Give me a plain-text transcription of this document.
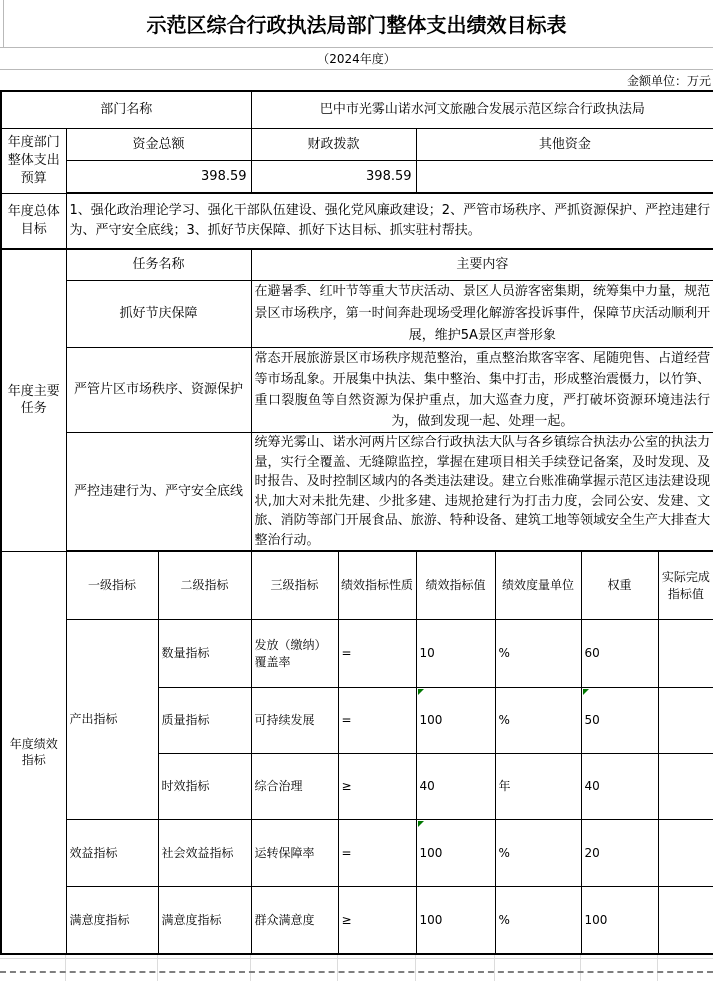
示范区综合行政执法局部门整体支出绩效目标表
（2024年度）
金额单位：万元
部门名称			巴中市光雾山诺水河文旅融合发展示范区综合行政执法局					
年度部门整体支出预算	资金总额		财政拨款		其他资金			
	398.59		398.59					
年度总体目标	1、强化政治理论学习、强化干部队伍建设、强化党风廉政建设；2、严管市场秩序、严抓资源保护、严控违建行为、严守安全底线；3、抓好节庆保障、抓好下达目标、抓实驻村帮扶。							
年度主要任务	任务名称		主要内容					
	抓好节庆保障		在避暑季、红叶节等重大节庆活动、景区人员游客密集期，统筹集中力量，规范景区市场秩序，第一时间奔赴现场受理化解游客投诉事件，保障节庆活动顺利开展，维护5A景区声誉形象					
	严管片区市场秩序、资源保护		常态开展旅游景区市场秩序规范整治，重点整治欺客宰客、尾随兜售、占道经营等市场乱象。开展集中执法、集中整治、集中打击，形成整治震慑力，以竹笋、重口裂腹鱼等自然资源为保护重点，加大巡查力度，严打破坏资源环境违法行为，做到发现一起、处理一起。					
	严控违建行为、严守安全底线		统筹光雾山、诺水河两片区综合行政执法大队与各乡镇综合执法办公室的执法力量，实行全覆盖、无缝隙监控，掌握在建项目相关手续登记备案，及时发现、及时报告、及时控制区域内的各类违法建设。建立台账准确掌握示范区违法建设现状,加大对未批先建、少批多建、违规抢建行为打击力度，会同公安、发建、文旅、消防等部门开展食品、旅游、特种设备、建筑工地等领域安全生产大排查大整治行动。					
年度绩效指标	一级指标	二级指标	三级指标	绩效指标性质	绩效指标值	绩效度量单位	权重	实际完成指标值
	产出指标	数量指标	发放（缴纳）覆盖率	=	10	%	60	
		质量指标	可持续发展	=	100	%	50	
		时效指标	综合治理	≥	40	年	40	
	效益指标	社会效益指标	运转保障率	=	100	%	20	
	满意度指标	满意度指标	群众满意度	≥	100	%	100	
